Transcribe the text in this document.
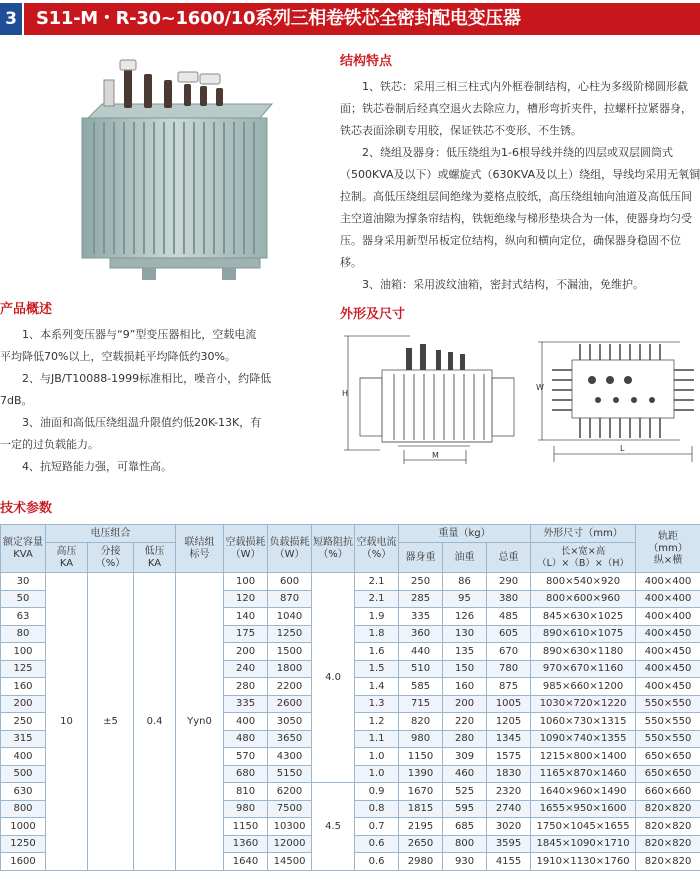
3	S11-M・R-30~1600/10系列三相卷铁芯全密封配电变压器
结构特点

1、铁芯：采用三相三柱式内外框卷制结构，心柱为多级阶梯圆形截

面；铁芯卷制后经真空退火去除应力，槽形弯折夹件，拉螺杆拉紧器身，

铁芯表面涂刷专用胶，保证铁芯不变形、不生锈。

2、绕组及器身：低压绕组为1-6根导线并绕的四层或双层圆筒式

（500KVA及以下）或螺旋式（630KVA及以上）绕组，导线均采用无氧铜

拉制。高低压绕组层间绝缘为菱格点胶纸，高压绕组轴向油道及高低压间

主空道油隙为撑条帘结构，铁轭绝缘与梯形垫块合为一体，使器身均匀受

压。器身采用新型吊板定位结构，纵向和横向定位，确保器身稳固不位

移。

3、油箱：采用波纹油箱，密封式结构，不漏油，免维护。

产品概述

1、本系列变压器与“9”型变压器相比，空载电流

平均降低70%以上，空载损耗平均降低约30%。

2、与JB/T10088-1999标准相比，噪音小，约降低

7dB。

3、油面和高低压绕组温升限值约低20K-13K，有

一定的过负载能力。

4、抗短路能力强，可靠性高。

外形及尺寸
H
M
W
L
技术参数
额定容量
KVA	电压组合			联结组
标号	空载损耗
（W）	负载损耗
（W）	短路阻抗
（%）	空载电流
（%）	重量（kg）			外形尺寸（mm）	轨距
（mm）
纵×横
	高压
KA	分接
（%）	低压
KA						器身重	油重	总重	长×宽×高
（L）×（B）×（H）	
30	10	±5	0.4	Yyn0	100	600	4.0	2.1	250	86	290	800×540×920	400×400
50					120	870		2.1	285	95	380	800×600×960	400×400
63					140	1040		1.9	335	126	485	845×630×1025	400×400
80					175	1250		1.8	360	130	605	890×610×1075	400×450
100					200	1500		1.6	440	135	670	890×630×1180	400×450
125					240	1800		1.5	510	150	780	970×670×1160	400×450
160					280	2200		1.4	585	160	875	985×660×1200	400×450
200					335	2600		1.3	715	200	1005	1030×720×1220	550×550
250					400	3050		1.2	820	220	1205	1060×730×1315	550×550
315					480	3650		1.1	980	280	1345	1090×740×1355	550×550
400					570	4300		1.0	1150	309	1575	1215×800×1400	650×650
500					680	5150		1.0	1390	460	1830	1165×870×1460	650×650
630					810	6200	4.5	0.9	1670	525	2320	1640×960×1490	660×660
800					980	7500		0.8	1815	595	2740	1655×950×1600	820×820
1000					1150	10300		0.7	2195	685	3020	1750×1045×1655	820×820
1250					1360	12000		0.6	2650	800	3595	1845×1090×1710	820×820
1600					1640	14500		0.6	2980	930	4155	1910×1130×1760	820×820
